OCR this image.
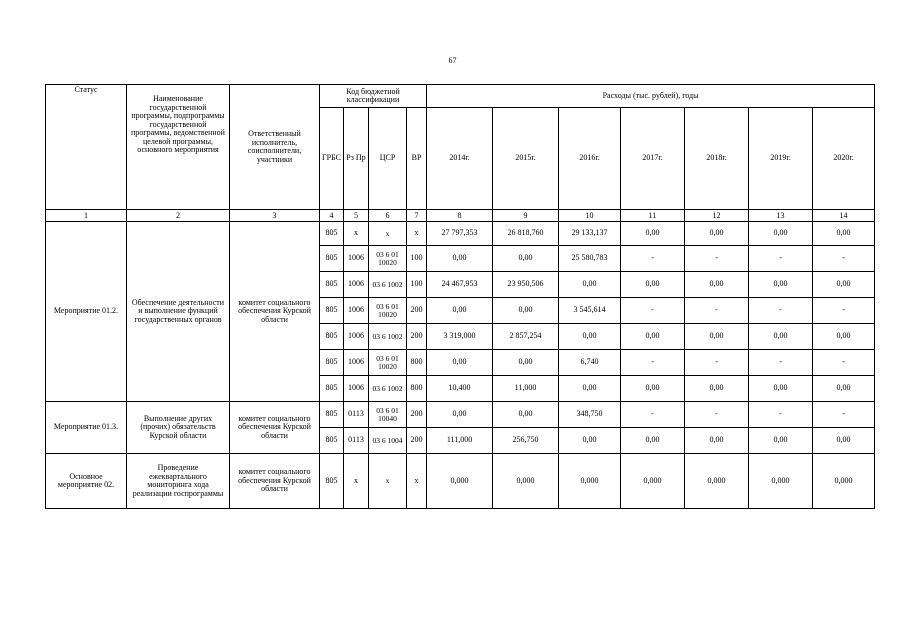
67
Статус	Наименование государственной программы, подпрограммы государственной программы, ведомственной целевой программы, основного мероприятия	Ответственный исполнитель, соисполнители, участники	Код бюджетной классификации				Расходы (тыс. рублей), годы						
			ГРБС	Рз Пр	ЦСР	ВР	2014г.	2015г.	2016г.	2017г.	2018г.	2019г.	2020г.
1	2	3	4	5	6	7	8	9	10	11	12	13	14
Мероприятие 01.2.	Обеспечение деятельности и выполнение функций государственных органов	комитет социального обеспечения Курской области	805	x	x	x	27 797,353	26 818,760	29 133,137	0,00	0,00	0,00	0,00
			805	1006	03 6 01 10020	100	0,00	0,00	25 580,783	-	-	-	-
			805	1006	03 6 1002	100	24 467,953	23 950,506	0,00	0,00	0,00	0,00	0,00
			805	1006	03 6 01 10020	200	0,00	0,00	3 545,614	-	-	-	-
			805	1006	03 6 1002	200	3 319,000	2 857,254	0,00	0,00	0,00	0,00	0,00
			805	1006	03 6 01 10020	800	0,00	0,00	6,740	-	-	-	-
			805	1006	03 6 1002	800	10,400	11,000	0,00	0,00	0,00	0,00	0,00
Мероприятие 01.3.	Выполнение других (прочих) обязательств Курской области	комитет социального обеспечения Курской области	805	0113	03 6 01 10040	200	0,00	0,00	348,750	-	-	-	-
			805	0113	03 6 1004	200	111,000	256,750	0,00	0,00	0,00	0,00	0,00
Основное мероприятие 02.	Проведение ежеквартального мониторинга хода реализации госпрограммы	комитет социального обеспечения Курской области	805	x	x	x	0,000	0,000	0,000	0,000	0,000	0,000	0,000
